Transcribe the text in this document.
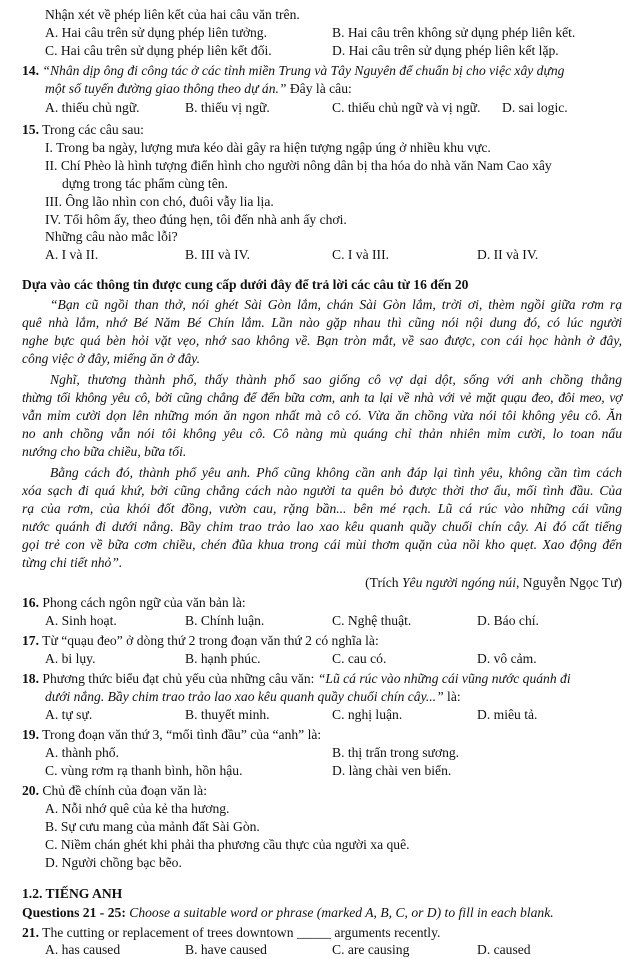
Nhận xét về phép liên kết của hai câu văn trên.
A. Hai câu trên sử dụng phép liên tưởng.	B. Hai câu trên không sử dụng phép liên kết.
C. Hai câu trên sử dụng phép liên kết đối.	D. Hai câu trên sử dụng phép liên kết lặp.
14. “Nhân dịp ông đi công tác ở các tỉnh miền Trung và Tây Nguyên để chuẩn bị cho việc xây dựng
một số tuyến đường giao thông theo dự án.” Đây là câu:
A. thiếu chủ ngữ.	B. thiếu vị ngữ.	C. thiếu chủ ngữ và vị ngữ. D. sai logic.
15. Trong các câu sau:
I. Trong ba ngày, lượng mưa kéo dài gây ra hiện tượng ngập úng ở nhiều khu vực.
II. Chí Phèo là hình tượng điển hình cho người nông dân bị tha hóa do nhà văn Nam Cao xây
dựng trong tác phẩm cùng tên.
III. Ông lão nhìn con chó, đuôi vẫy lia lịa.
IV. Tối hôm ấy, theo đúng hẹn, tôi đến nhà anh ấy chơi.
Những câu nào mắc lỗi?
A. I và II.	B. III và IV.	C. I và III.	D. II và IV.
Dựa vào các thông tin được cung cấp dưới đây để trả lời các câu từ 16 đến 20
“Bạn cũ ngồi than thở, nói ghét Sài Gòn lắm, chán Sài Gòn lắm, trời ơi, thèm ngồi giữa rơm rạ
quê nhà lắm, nhớ Bé Năm Bé Chín lắm. Lần nào gặp nhau thì cũng nói nội dung đó, có lúc người
nghe bực quá bèn hỏi vặt vẹo, nhớ sao không về. Bạn tròn mắt, về sao được, con cái học hành ở đây,
công việc ở đây, miếng ăn ở đây.
Nghĩ, thương thành phố, thấy thành phố sao giống cô vợ dại dột, sống với anh chồng thằng
thừng tối không yêu cô, bởi cũng chẳng để đến bữa cơm, anh ta lại về nhà với vẻ mặt quạu đeo, đôi meo, vợ
vẫn mỉm cười dọn lên những món ăn ngon nhất mà cô có. Vừa ăn chồng vừa nói tôi không yêu cô. Ăn
no anh chồng vẫn nói tôi không yêu cô. Cô nàng mù quáng chỉ thản nhiên mỉm cười, lo toan nấu
nướng cho bữa chiều, bữa tối.
Bằng cách đó, thành phố yêu anh. Phố cũng không cần anh đáp lại tình yêu, không cần tìm cách
xóa sạch đi quá khứ, bởi cũng chẳng cách nào người ta quên bỏ được thời thơ ấu, mối tình đầu. Của
rạ của rơm, của khói đốt đồng, vườn cau, rặng bần... bên mé rạch. Lũ cá rúc vào những cái vũng
nước quánh đi dưới nắng. Bầy chim trao trảo lao xao kêu quanh quầy chuối chín cây. Ai đó cất tiếng
gọi trẻ con về bữa cơm chiều, chén đũa khua trong cái mùi thơm quặn của nồi kho quẹt. Xao động đến
từng chi tiết nhỏ”.
(Trích Yêu người ngóng núi, Nguyễn Ngọc Tư)
16. Phong cách ngôn ngữ của văn bản là:
A. Sinh hoạt.	B. Chính luận.	C. Nghệ thuật.	D. Báo chí.
17. Từ “quạu đeo” ở dòng thứ 2 trong đoạn văn thứ 2 có nghĩa là:
A. bi lụy.	B. hạnh phúc.	C. cau có.	D. vô cảm.
18. Phương thức biểu đạt chủ yếu của những câu văn: “Lũ cá rúc vào những cái vũng nước quánh đi
dưới nắng. Bầy chim trao trảo lao xao kêu quanh quầy chuối chín cây...” là:
A. tự sự.	B. thuyết minh.	C. nghị luận.	D. miêu tả.
19. Trong đoạn văn thứ 3, “mối tình đầu” của “anh” là:
A. thành phố.	B. thị trấn trong sương.
C. vùng rơm rạ thanh bình, hồn hậu.	D. làng chài ven biển.
20. Chủ đề chính của đoạn văn là:
A. Nỗi nhớ quê của kẻ tha hương.
B. Sự cưu mang của mảnh đất Sài Gòn.
C. Niềm chán ghét khi phải tha phương cầu thực của người xa quê.
D. Người chồng bạc bẽo.
1.2. TIẾNG ANH
Questions 21 - 25: Choose a suitable word or phrase (marked A, B, C, or D) to fill in each blank.
21. The cutting or replacement of trees downtown _____ arguments recently.
A. has caused	B. have caused	C. are causing	D. caused
